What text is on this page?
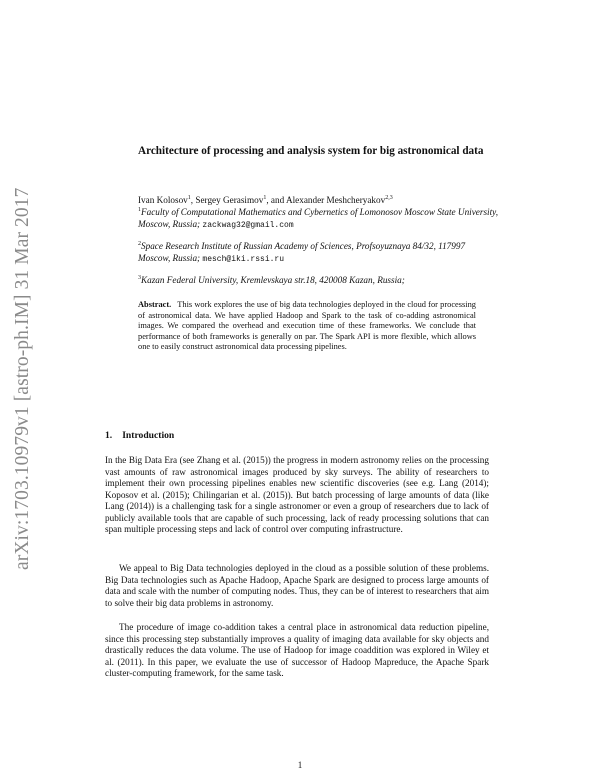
arXiv:1703.10979v1 [astro-ph.IM] 31 Mar 2017
Architecture of processing and analysis system for big astronomical data
Ivan Kolosov$^1$, Sergey Gerasimov$^1$, and Alexander Meshcheryakov$^{2,3}$
$^1$Faculty of Computational Mathematics and Cybernetics of Lomonosov Moscow State University, Moscow, Russia; zackwag32@gmail.com
$^2$Space Research Institute of Russian Academy of Sciences, Profsoyuznaya 84/32, 117997 Moscow, Russia; mesch@iki.rssi.ru
Abstract. This work explores the use of big data technologies deployed in the cloud for processing of astronomical data. We have applied Hadoop and Spark to the task of co-adding astronomical images. We compared the overhead and execution time of these frameworks. We conclude that performance of both frameworks is generally on par. The Spark API is more flexible, which allows one to easily construct astronomical data processing pipelines.
$^3$Kazan Federal University, Kremlevskaya str.18, 420008 Kazan, Russia;
1. Introduction

In the Big Data Era (see Zhang et al. (2015)) the progress in modern astronomy relies on the processing vast amounts of raw astronomical images produced by sky surveys. The ability of researchers to implement their own processing pipelines enables new scientific discoveries (see e.g. Lang (2014); Koposov et al. (2015); Chilingarian et al. (2015)). But batch processing of large amounts of data (like Lang (2014)) is a challenging task for a single astronomer or even a group of researchers due to lack of publicly available tools that are capable of such processing, lack of ready processing solutions that can span multiple processing steps and lack of control over computing infrastructure.

We appeal to Big Data technologies deployed in the cloud as a possible solution of these problems. Big Data technologies such as Apache Hadoop, Apache Spark are designed to process large amounts of data and scale with the number of computing nodes. Thus, they can be of interest to researchers that aim to solve their big data problems in astronomy.

The procedure of image co-addition takes a central place in astronomical data reduction pipeline, since this processing step substantially improves a quality of imaging data available for sky objects and drastically reduces the data volume. The use of Hadoop for image coaddition was explored in Wiley et al. (2011). In this paper, we evaluate the use of successor of Hadoop Mapreduce, the Apache Spark cluster-computing framework, for the same task.

1
